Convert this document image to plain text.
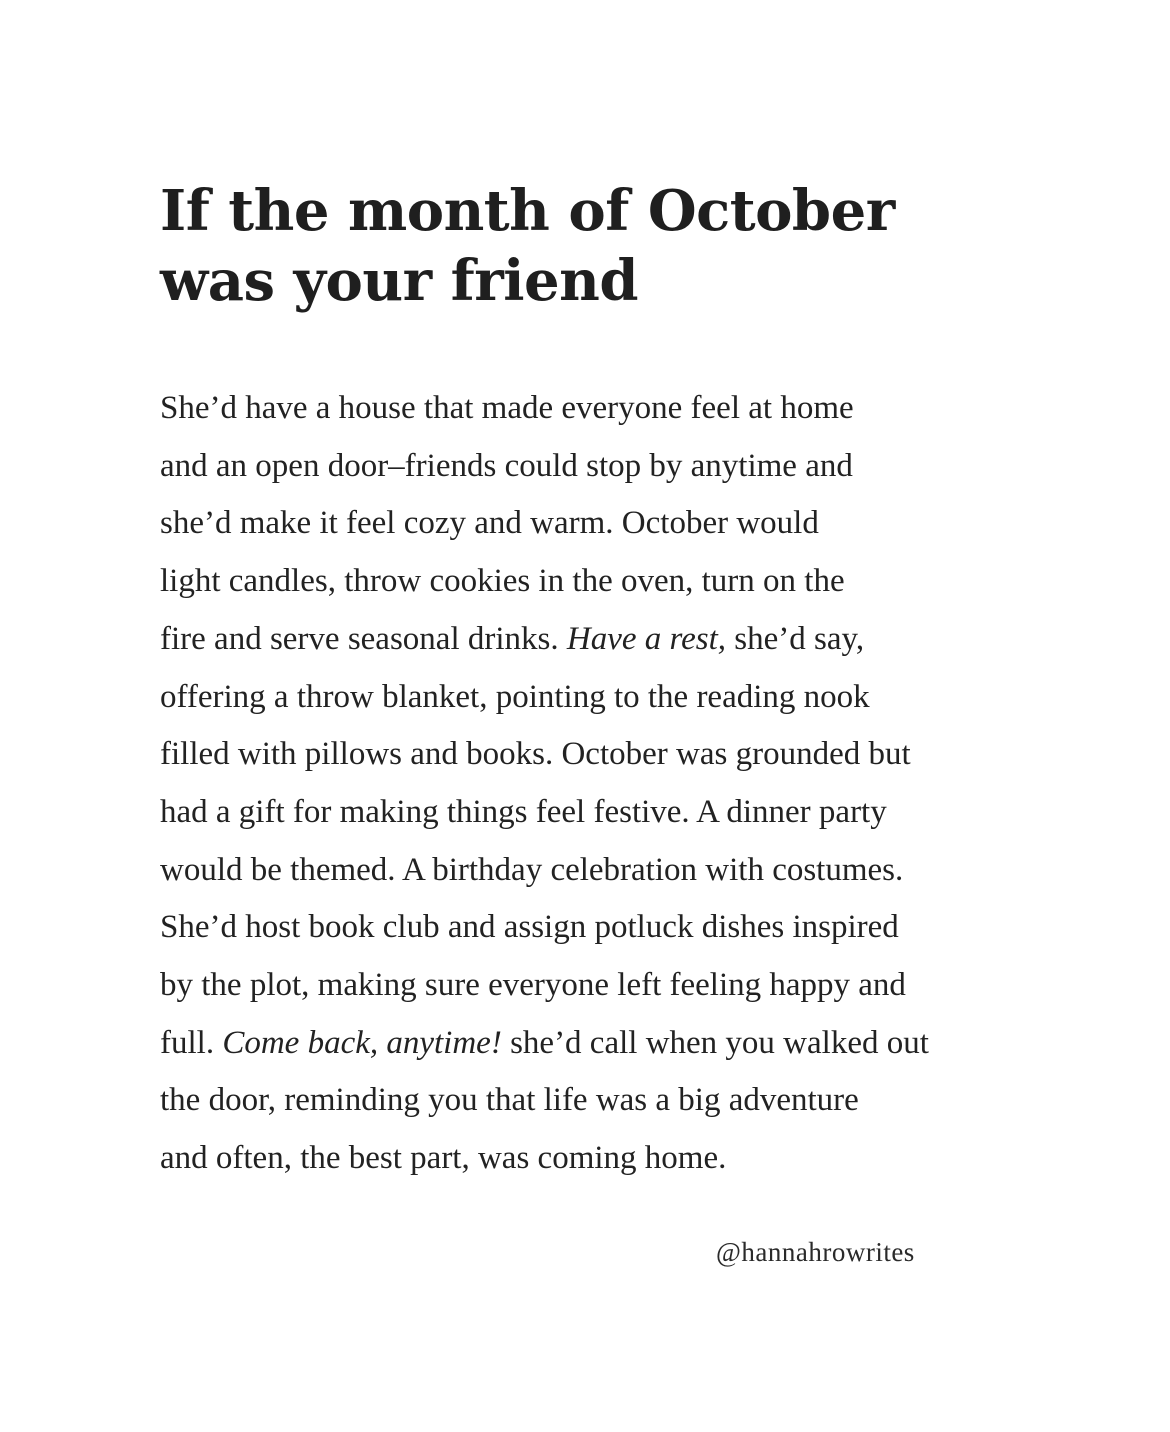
If the month of October
was your friend
She’d have a house that made everyone feel at home
and an open door–friends could stop by anytime and
she’d make it feel cozy and warm. October would
light candles, throw cookies in the oven, turn on the
fire and serve seasonal drinks. Have a rest, she’d say,
offering a throw blanket, pointing to the reading nook
filled with pillows and books. October was grounded but
had a gift for making things feel festive. A dinner party
would be themed. A birthday celebration with costumes.
She’d host book club and assign potluck dishes inspired
by the plot, making sure everyone left feeling happy and
full. Come back, anytime! she’d call when you walked out
the door, reminding you that life was a big adventure
and often, the best part, was coming home.

@hannahrowrites
